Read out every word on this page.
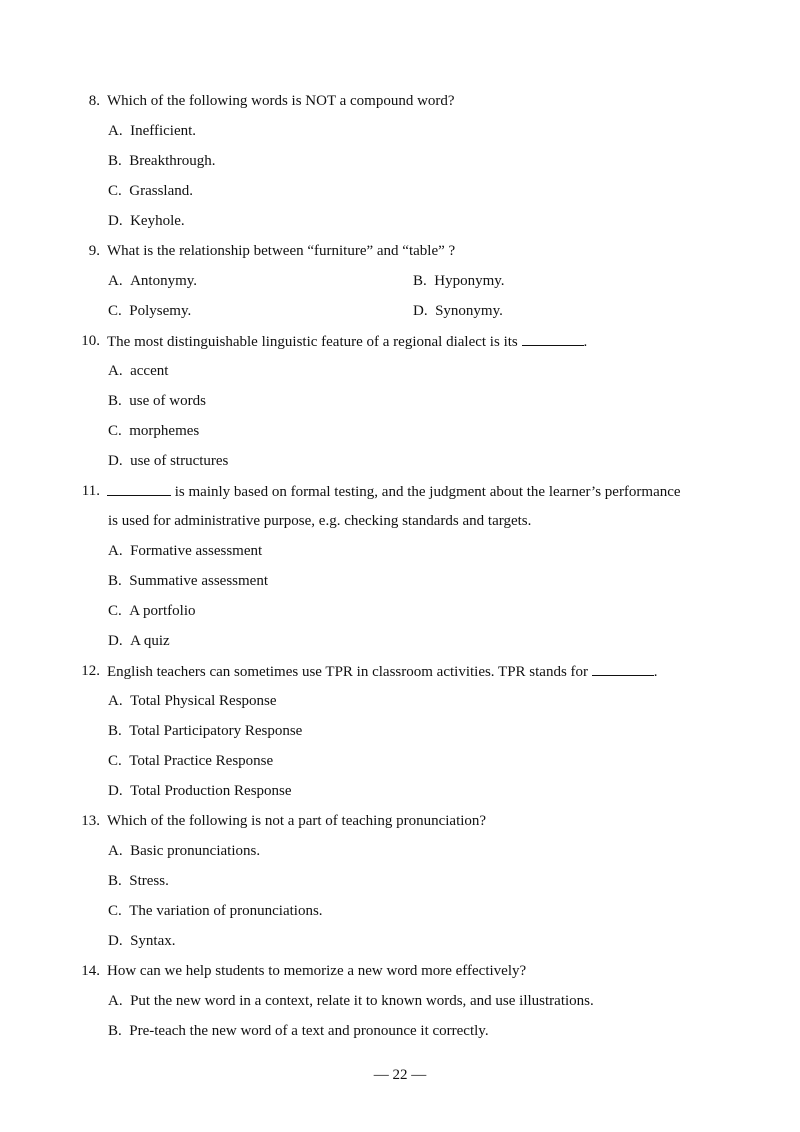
8. Which of the following words is NOT a compound word?
A. Inefficient.
B. Breakthrough.
C. Grassland.
D. Keyhole.
9. What is the relationship between “furniture” and “table” ?
A. Antonymy.	B. Hyponymy.
C. Polysemy.	D. Synonymy.
10. The most distinguishable linguistic feature of a regional dialect is its	.
A. accent
B. use of words
C. morphemes
D. use of structures
11.	is mainly based on formal testing, and the judgment about the learner’s performance
is used for administrative purpose, e.g. checking standards and targets.
A. Formative assessment
B. Summative assessment
C. A portfolio
D. A quiz
12. English teachers can sometimes use TPR in classroom activities. TPR stands for	.
A. Total Physical Response
B. Total Participatory Response
C. Total Practice Response
D. Total Production Response
13. Which of the following is not a part of teaching pronunciation?
A. Basic pronunciations.
B. Stress.
C. The variation of pronunciations.
D. Syntax.
14. How can we help students to memorize a new word more effectively?
A. Put the new word in a context, relate it to known words, and use illustrations.
B. Pre-teach the new word of a text and pronounce it correctly.
— 22 —
